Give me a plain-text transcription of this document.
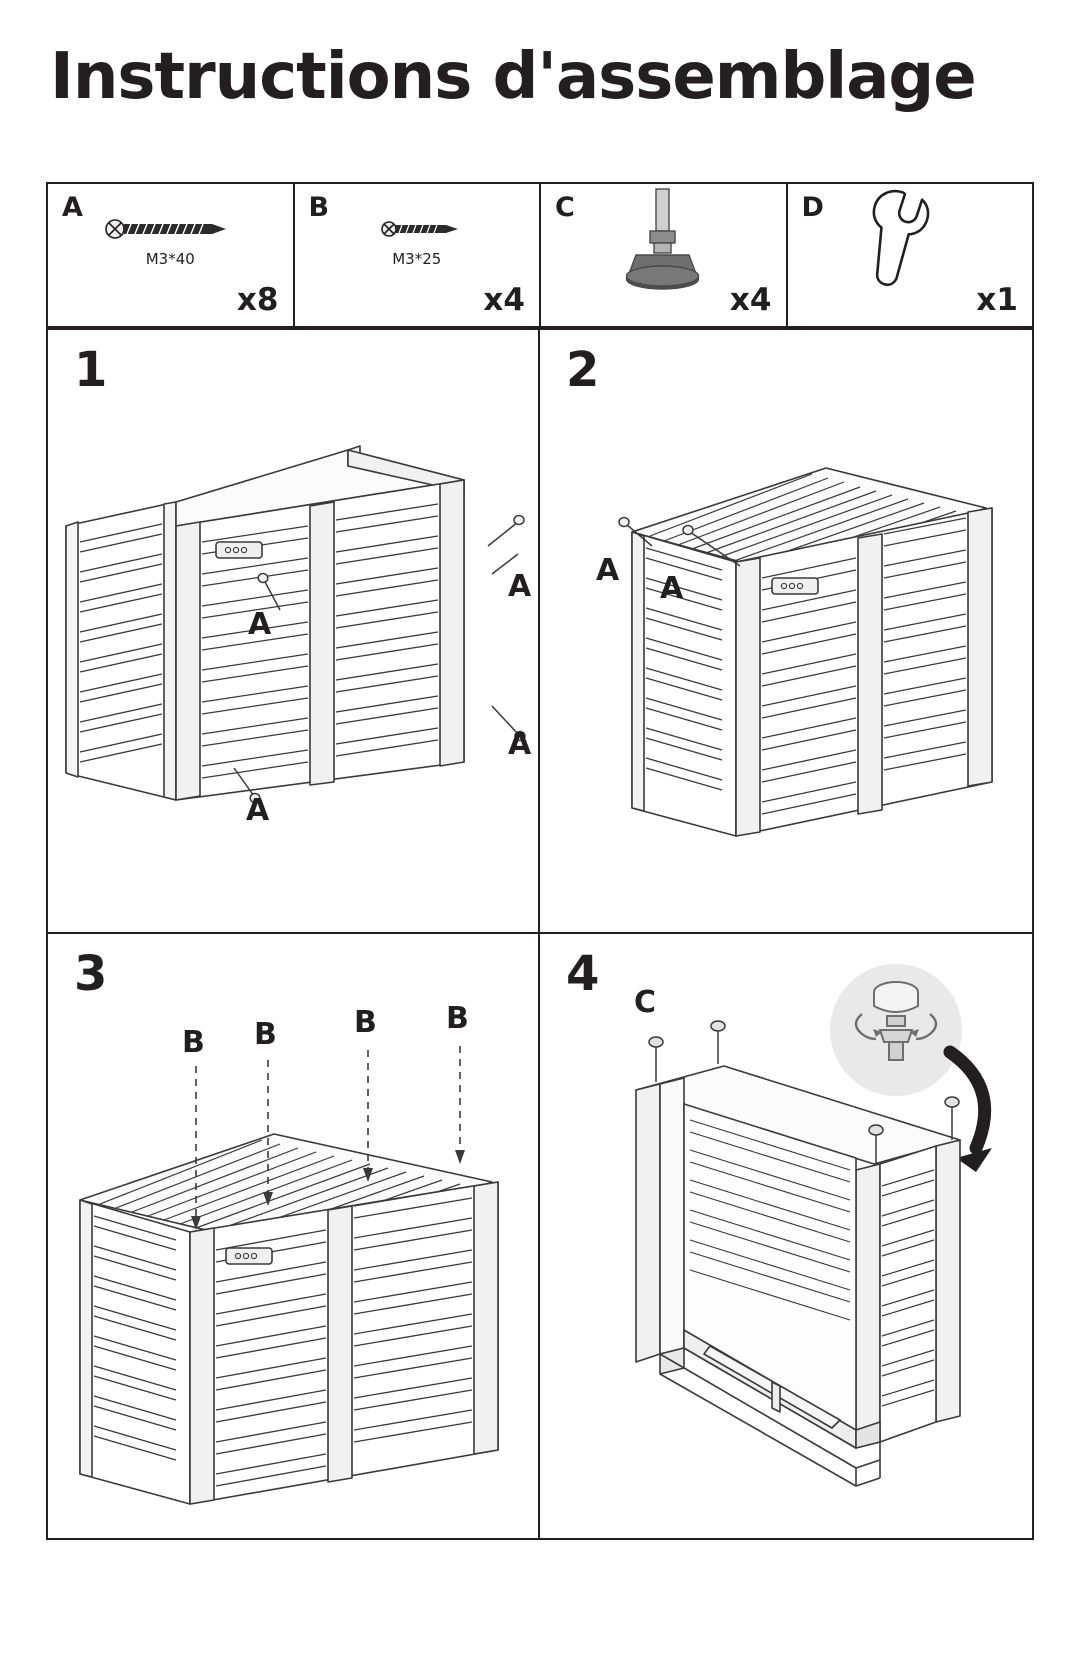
Instructions d'assemblage
A
M3*40
x8
B
M3*25
x4
C
x4
D
x1
1
A
A
A
A
2
A
A
3
B B	B B
4
C
